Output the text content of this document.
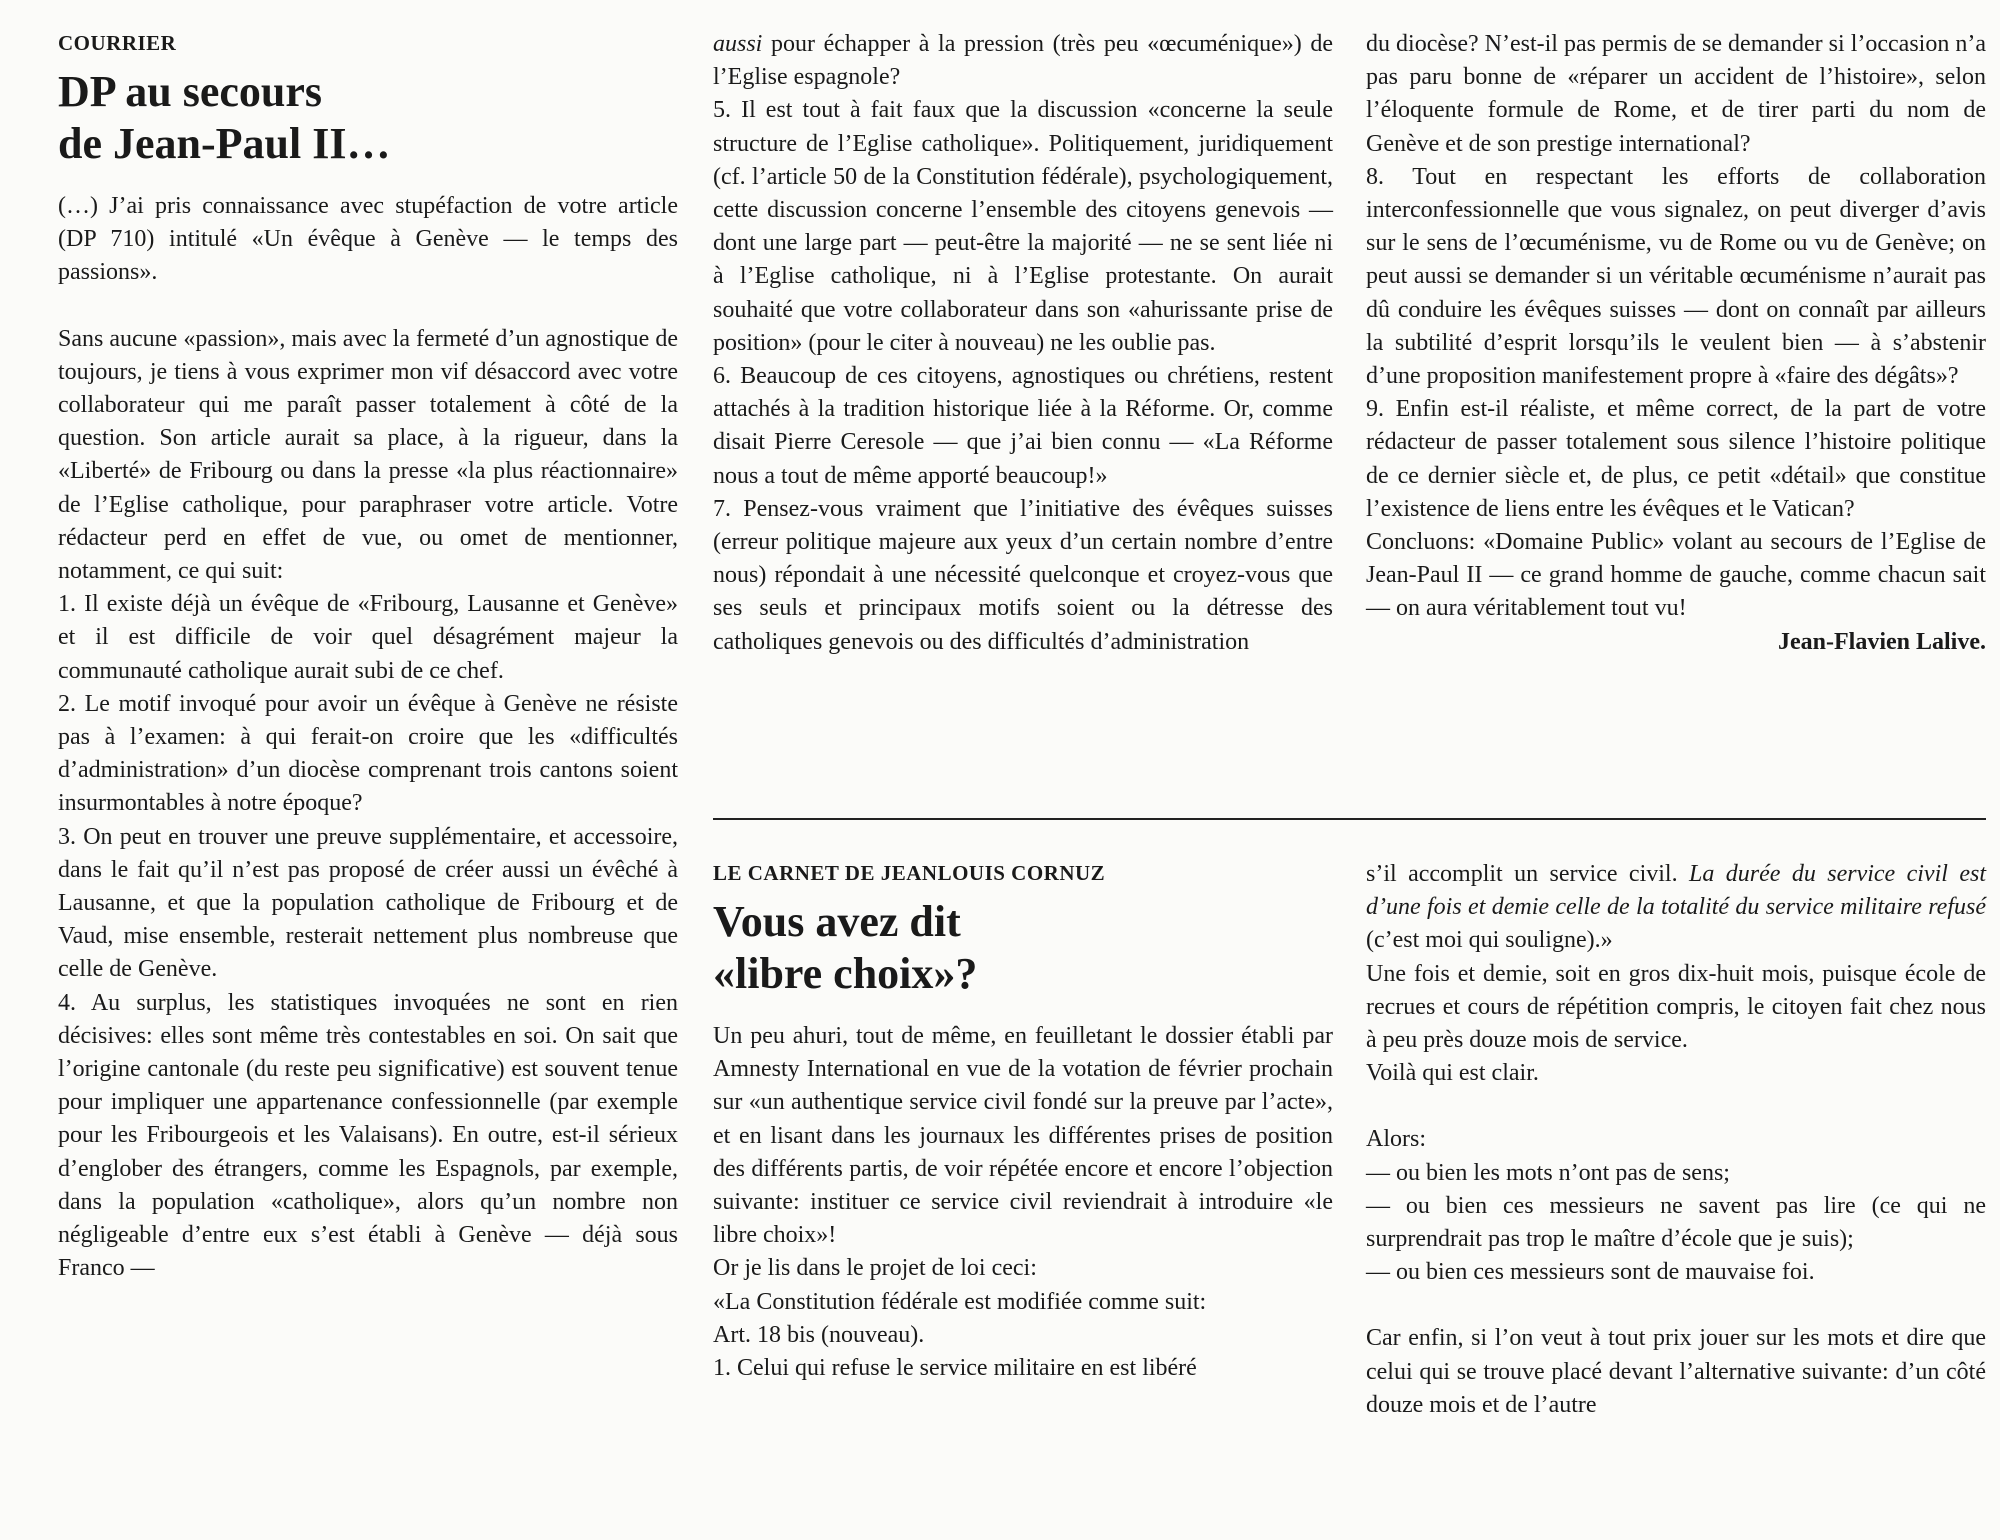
COURRIER

DP au secours
de Jean-Paul II…

(…) J’ai pris connaissance avec stupéfaction de votre article (DP 710) intitulé «Un évêque à Genève — le temps des passions».

Sans aucune «passion», mais avec la fermeté d’un agnostique de toujours, je tiens à vous exprimer mon vif désaccord avec votre collaborateur qui me paraît passer totalement à côté de la question. Son article aurait sa place, à la rigueur, dans la «Liberté» de Fribourg ou dans la presse «la plus réactionnaire» de l’Eglise catholique, pour paraphraser votre article. Votre rédacteur perd en effet de vue, ou omet de mentionner, notamment, ce qui suit:

1. Il existe déjà un évêque de «Fribourg, Lausanne et Genève» et il est difficile de voir quel désagrément majeur la communauté catholique aurait subi de ce chef.

2. Le motif invoqué pour avoir un évêque à Genève ne résiste pas à l’examen: à qui ferait-on croire que les «difficultés d’administration» d’un diocèse comprenant trois cantons soient insurmontables à notre époque?

3. On peut en trouver une preuve supplémentaire, et accessoire, dans le fait qu’il n’est pas proposé de créer aussi un évêché à Lausanne, et que la population catholique de Fribourg et de Vaud, mise ensemble, resterait nettement plus nombreuse que celle de Genève.

4. Au surplus, les statistiques invoquées ne sont en rien décisives: elles sont même très contestables en soi. On sait que l’origine cantonale (du reste peu significative) est souvent tenue pour impliquer une appartenance confessionnelle (par exemple pour les Fribourgeois et les Valaisans). En outre, est-il sérieux d’englober des étrangers, comme les Espagnols, par exemple, dans la population «catholique», alors qu’un nombre non négligeable d’entre eux s’est établi à Genève — déjà sous Franco —

aussi pour échapper à la pression (très peu «œcuménique») de l’Eglise espagnole?

5. Il est tout à fait faux que la discussion «concerne la seule structure de l’Eglise catholique». Politiquement, juridiquement (cf. l’article 50 de la Constitution fédérale), psychologiquement, cette discussion concerne l’ensemble des citoyens genevois — dont une large part — peut-être la majorité — ne se sent liée ni à l’Eglise catholique, ni à l’Eglise protestante. On aurait souhaité que votre collaborateur dans son «ahurissante prise de position» (pour le citer à nouveau) ne les oublie pas.

6. Beaucoup de ces citoyens, agnostiques ou chrétiens, restent attachés à la tradition historique liée à la Réforme. Or, comme disait Pierre Ceresole — que j’ai bien connu — «La Réforme nous a tout de même apporté beaucoup!»

7. Pensez-vous vraiment que l’initiative des évêques suisses (erreur politique majeure aux yeux d’un certain nombre d’entre nous) répondait à une nécessité quelconque et croyez-vous que ses seuls et principaux motifs soient ou la détresse des catholiques genevois ou des difficultés d’administration

du diocèse? N’est-il pas permis de se demander si l’occasion n’a pas paru bonne de «réparer un accident de l’histoire», selon l’éloquente formule de Rome, et de tirer parti du nom de Genève et de son prestige international?

8. Tout en respectant les efforts de collaboration interconfessionnelle que vous signalez, on peut diverger d’avis sur le sens de l’œcuménisme, vu de Rome ou vu de Genève; on peut aussi se demander si un véritable œcuménisme n’aurait pas dû conduire les évêques suisses — dont on connaît par ailleurs la subtilité d’esprit lorsqu’ils le veulent bien — à s’abstenir d’une proposition manifestement propre à «faire des dégâts»?

9. Enfin est-il réaliste, et même correct, de la part de votre rédacteur de passer totalement sous silence l’histoire politique de ce dernier siècle et, de plus, ce petit «détail» que constitue l’existence de liens entre les évêques et le Vatican?

Concluons: «Domaine Public» volant au secours de l’Eglise de Jean-Paul II — ce grand homme de gauche, comme chacun sait — on aura véritablement tout vu!

Jean-Flavien Lalive.

LE CARNET DE JEANLOUIS CORNUZ

Vous avez dit
«libre choix»?

Un peu ahuri, tout de même, en feuilletant le dossier établi par Amnesty International en vue de la votation de février prochain sur «un authentique service civil fondé sur la preuve par l’acte», et en lisant dans les journaux les différentes prises de position des différents partis, de voir répétée encore et encore l’objection suivante: instituer ce service civil reviendrait à introduire «le libre choix»!

Or je lis dans le projet de loi ceci:

«La Constitution fédérale est modifiée comme suit:

Art. 18 bis (nouveau).

1. Celui qui refuse le service militaire en est libéré

s’il accomplit un service civil. La durée du service civil est d’une fois et demie celle de la totalité du service militaire refusé (c’est moi qui souligne).»

Une fois et demie, soit en gros dix-huit mois, puisque école de recrues et cours de répétition compris, le citoyen fait chez nous à peu près douze mois de service.

Voilà qui est clair.

Alors:

— ou bien les mots n’ont pas de sens;

— ou bien ces messieurs ne savent pas lire (ce qui ne surprendrait pas trop le maître d’école que je suis);

— ou bien ces messieurs sont de mauvaise foi.

Car enfin, si l’on veut à tout prix jouer sur les mots et dire que celui qui se trouve placé devant l’alternative suivante: d’un côté douze mois et de l’autre
